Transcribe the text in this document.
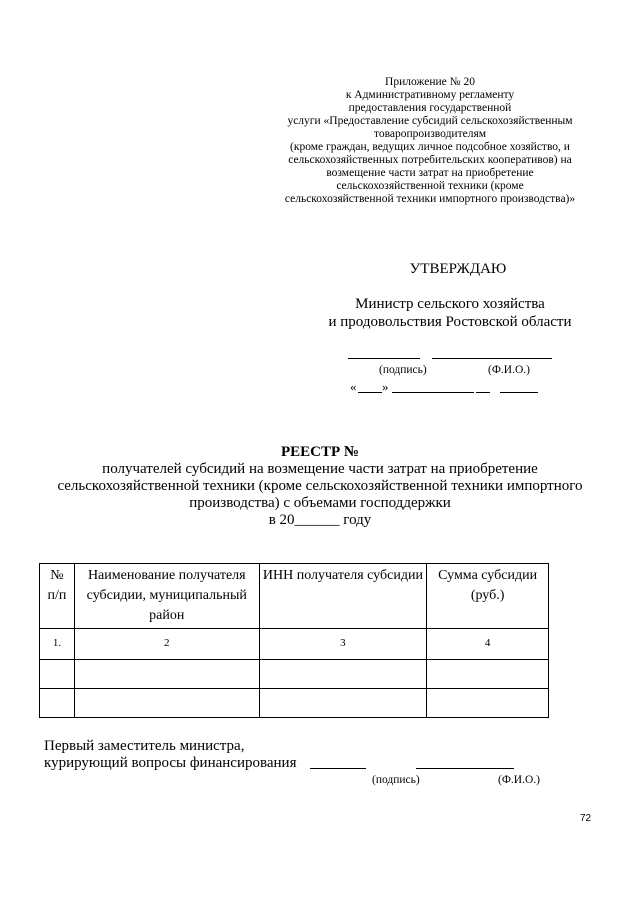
Приложение № 20
к Административному регламенту
предоставления государственной
услуги «Предоставление субсидий сельскохозяйственным
товаропроизводителям
(кроме граждан, ведущих личное подсобное хозяйство, и
сельскохозяйственных потребительских кооперативов) на
возмещение части затрат на приобретение
сельскохозяйственной техники (кроме
сельскохозяйственной техники импортного производства)»
УТВЕРЖДАЮ
Министр сельского хозяйства
и продовольствия Ростовской области
(подпись)	(Ф.И.О.)
« »
РЕЕСТР №
получателей субсидий на возмещение части затрат на приобретение
сельскохозяйственной техники (кроме сельскохозяйственной техники импортного
производства) с объемами господдержки
в 20______ году
№ п/п	Наименование получателя субсидии, муниципальный район	ИНН получателя субсидии	Сумма субсидии (руб.)
1.	2	3	4

Первый заместитель министра,
курирующий вопросы финансирования
(подпись)	(Ф.И.О.)
72
